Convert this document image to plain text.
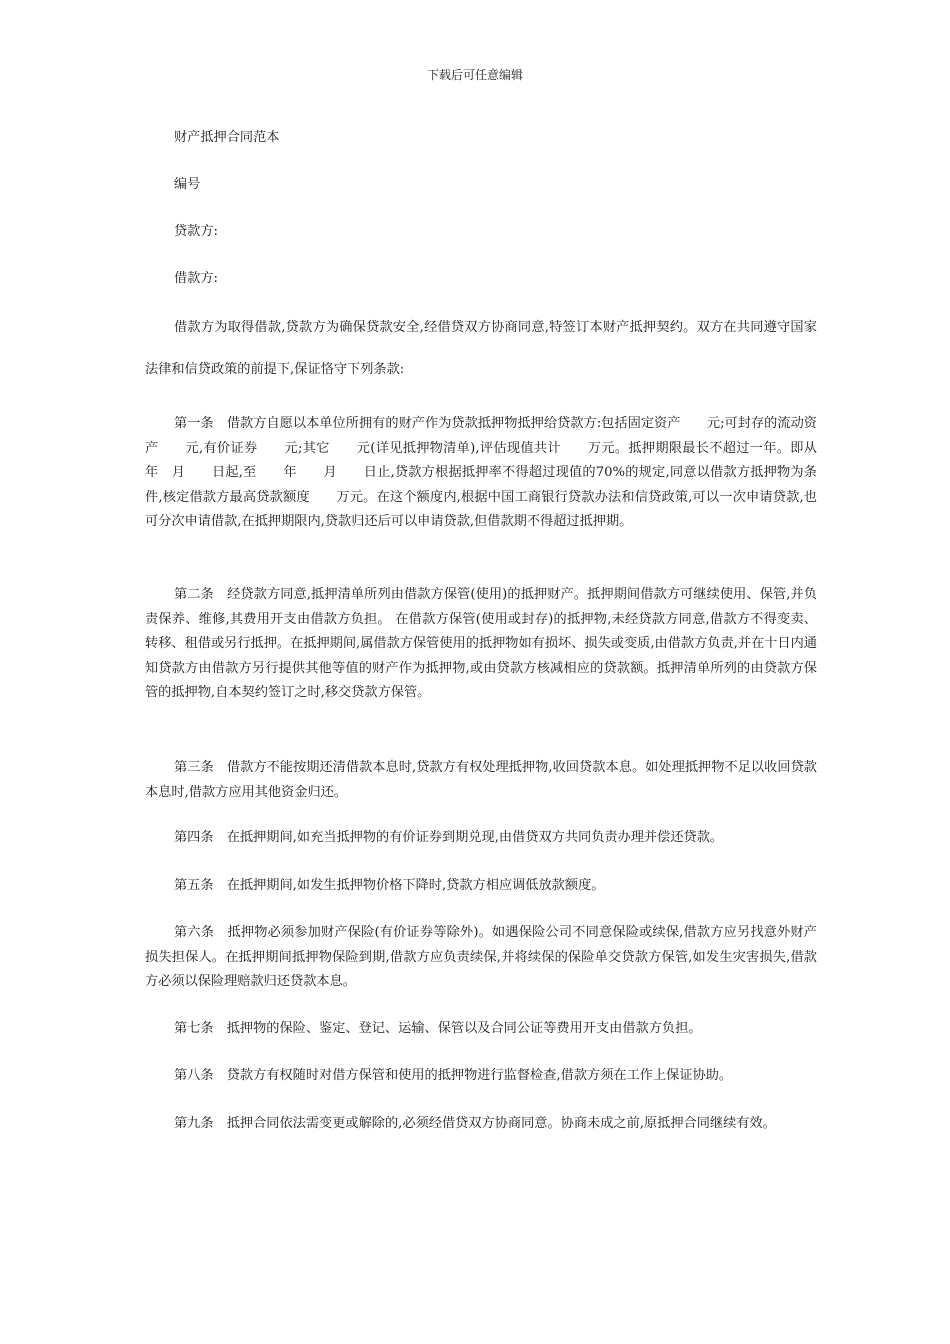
下载后可任意编辑
财产抵押合同范本
编号
贷款方:
借款方:

借款方为取得借款,贷款方为确保贷款安全,经借贷双方协商同意,特签订本财产抵押契约。双方在共同遵守国家法律和信贷政策的前提下,保证恪守下列条款:

第一条　借款方自愿以本单位所拥有的财产作为贷款抵押物抵押给贷款方:包括固定资产　　元;可封存的流动资产　　元,有价证券　　元;其它　　元(详见抵押物清单),评估现值共计　　万元。抵押期限最长不超过一年。即从　　年　月　　日起,至　　年　　月　　日止,贷款方根据抵押率不得超过现值的70%的规定,同意以借款方抵押物为条件,核定借款方最高贷款额度　　万元。在这个额度内,根据中国工商银行贷款办法和信贷政策,可以一次申请贷款,也可分次申请借款,在抵押期限内,贷款归还后可以申请贷款,但借款期不得超过抵押期。

第二条　经贷款方同意,抵押清单所列由借款方保管(使用)的抵押财产。抵押期间借款方可继续使用、保管,并负责保养、维修,其费用开支由借款方负担。 在借款方保管(使用或封存)的抵押物,未经贷款方同意,借款方不得变卖、转移、租借或另行抵押。在抵押期间,属借款方保管使用的抵押物如有损坏、损失或变质,由借款方负责,并在十日内通知贷款方由借款方另行提供其他等值的财产作为抵押物,或由贷款方核减相应的贷款额。抵押清单所列的由贷款方保管的抵押物,自本契约签订之时,移交贷款方保管。

第三条　借款方不能按期还清借款本息时,贷款方有权处理抵押物,收回贷款本息。如处理抵押物不足以收回贷款本息时,借款方应用其他资金归还。

第四条　在抵押期间,如充当抵押物的有价证券到期兑现,由借贷双方共同负责办理并偿还贷款。

第五条　在抵押期间,如发生抵押物价格下降时,贷款方相应调低放款额度。

第六条　抵押物必须参加财产保险(有价证券等除外)。如遇保险公司不同意保险或续保,借款方应另找意外财产损失担保人。在抵押期间抵押物保险到期,借款方应负责续保,并将续保的保险单交贷款方保管,如发生灾害损失,借款方必须以保险理赔款归还贷款本息。

第七条　抵押物的保险、鉴定、登记、运输、保管以及合同公证等费用开支由借款方负担。

第八条　贷款方有权随时对借方保管和使用的抵押物进行监督检查,借款方须在工作上保证协助。

第九条　抵押合同依法需变更或解除的,必须经借贷双方协商同意。协商未成之前,原抵押合同继续有效。
